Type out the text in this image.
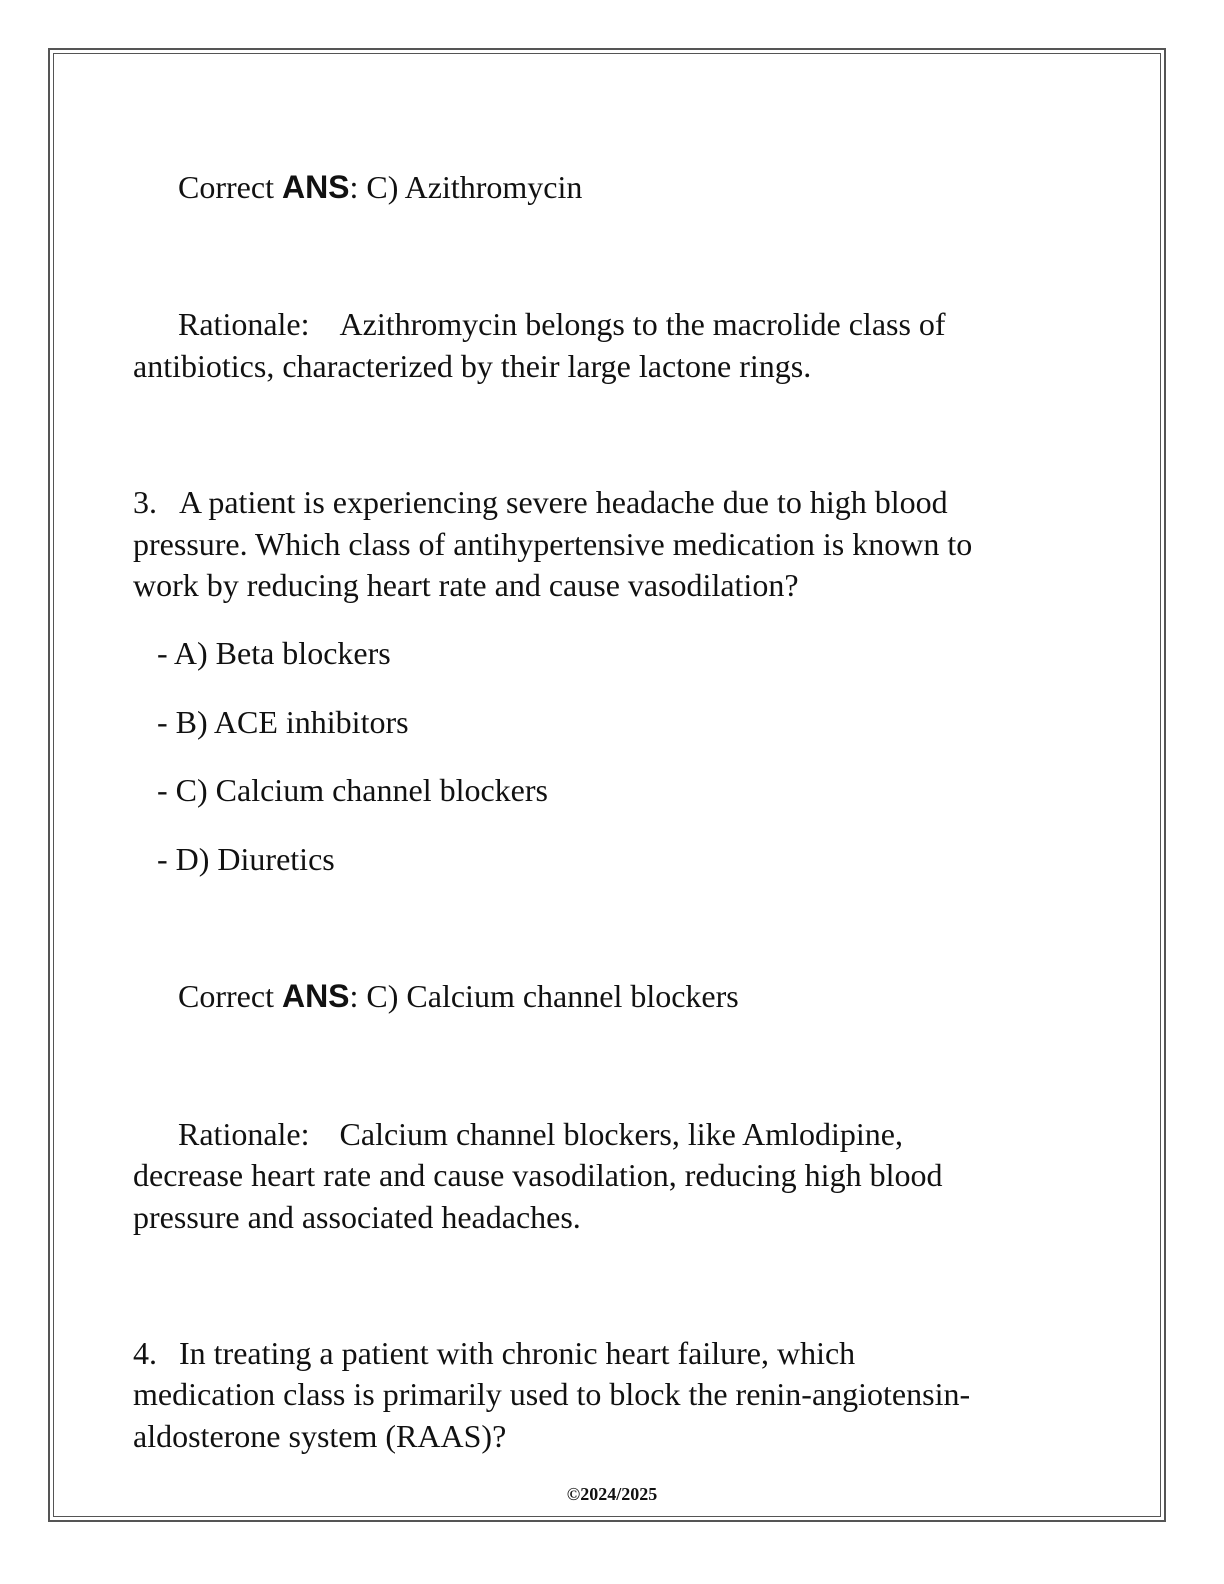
Correct ANS: C) Azithromycin
Rationale: Azithromycin belongs to the macrolide class of
antibiotics, characterized by their large lactone rings.
3. A patient is experiencing severe headache due to high blood
pressure. Which class of antihypertensive medication is known to
work by reducing heart rate and cause vasodilation?
- A) Beta blockers
- B) ACE inhibitors
- C) Calcium channel blockers
- D) Diuretics
Correct ANS: C) Calcium channel blockers
Rationale: Calcium channel blockers, like Amlodipine,
decrease heart rate and cause vasodilation, reducing high blood
pressure and associated headaches.
4. In treating a patient with chronic heart failure, which
medication class is primarily used to block the renin-angiotensin-
aldosterone system (RAAS)?
©2024/2025
